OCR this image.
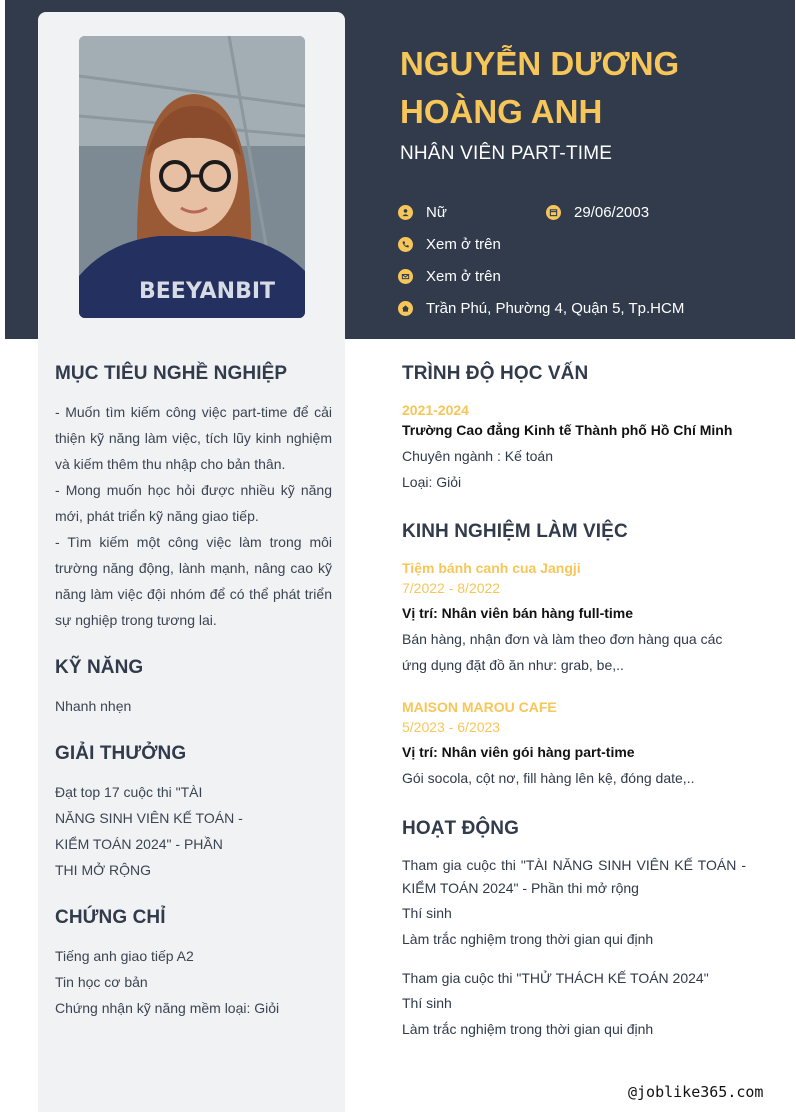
BEEYANBIT
NGUYỄN DƯƠNG HOÀNG ANH
NHÂN VIÊN PART-TIME
Nữ	29/06/2003
Xem ở trên
Xem ở trên
Trần Phú, Phường 4, Quận 5, Tp.HCM
MỤC TIÊU NGHỀ NGHIỆP

- Muốn tìm kiếm công việc part-time để cải thiện kỹ năng làm việc, tích lũy kinh nghiệm và kiếm thêm thu nhập cho bản thân.

- Mong muốn học hỏi được nhiều kỹ năng mới, phát triển kỹ năng giao tiếp.

- Tìm kiếm một công việc làm trong môi trường năng động, lành mạnh, nâng cao kỹ năng làm việc đội nhóm để có thể phát triển sự nghiệp trong tương lai.

KỸ NĂNG

Nhanh nhẹn

GIẢI THƯỞNG

Đạt top 17 cuộc thi "TÀI

NĂNG SINH VIÊN KẾ TOÁN -

KIỂM TOÁN 2024" - PHẦN

THI MỞ RỘNG

CHỨNG CHỈ

Tiếng anh giao tiếp A2

Tin học cơ bản

Chứng nhận kỹ năng mềm loại: Giỏi

TRÌNH ĐỘ HỌC VẤN
2021-2024
Trường Cao đẳng Kinh tế Thành phố Hồ Chí Minh
Chuyên ngành : Kế toán
Loại: Giỏi
KINH NGHIỆM LÀM VIỆC
Tiệm bánh canh cua Jangji
7/2022 - 8/2022
Vị trí: Nhân viên bán hàng full-time
Bán hàng, nhận đơn và làm theo đơn hàng qua các ứng dụng đặt đồ ăn như: grab, be,..
MAISON MAROU CAFE
5/2023 - 6/2023
Vị trí: Nhân viên gói hàng part-time
Gói socola, cột nơ, fill hàng lên kệ, đóng date,..
HOẠT ĐỘNG
Tham gia cuộc thi "TÀI NĂNG SINH VIÊN KẾ TOÁN - KIỂM TOÁN 2024" - Phần thi mở rộng
Thí sinh
Làm trắc nghiệm trong thời gian qui định
Tham gia cuộc thi "THỬ THÁCH KẾ TOÁN 2024"
Thí sinh
Làm trắc nghiệm trong thời gian qui định
@joblike365.com
